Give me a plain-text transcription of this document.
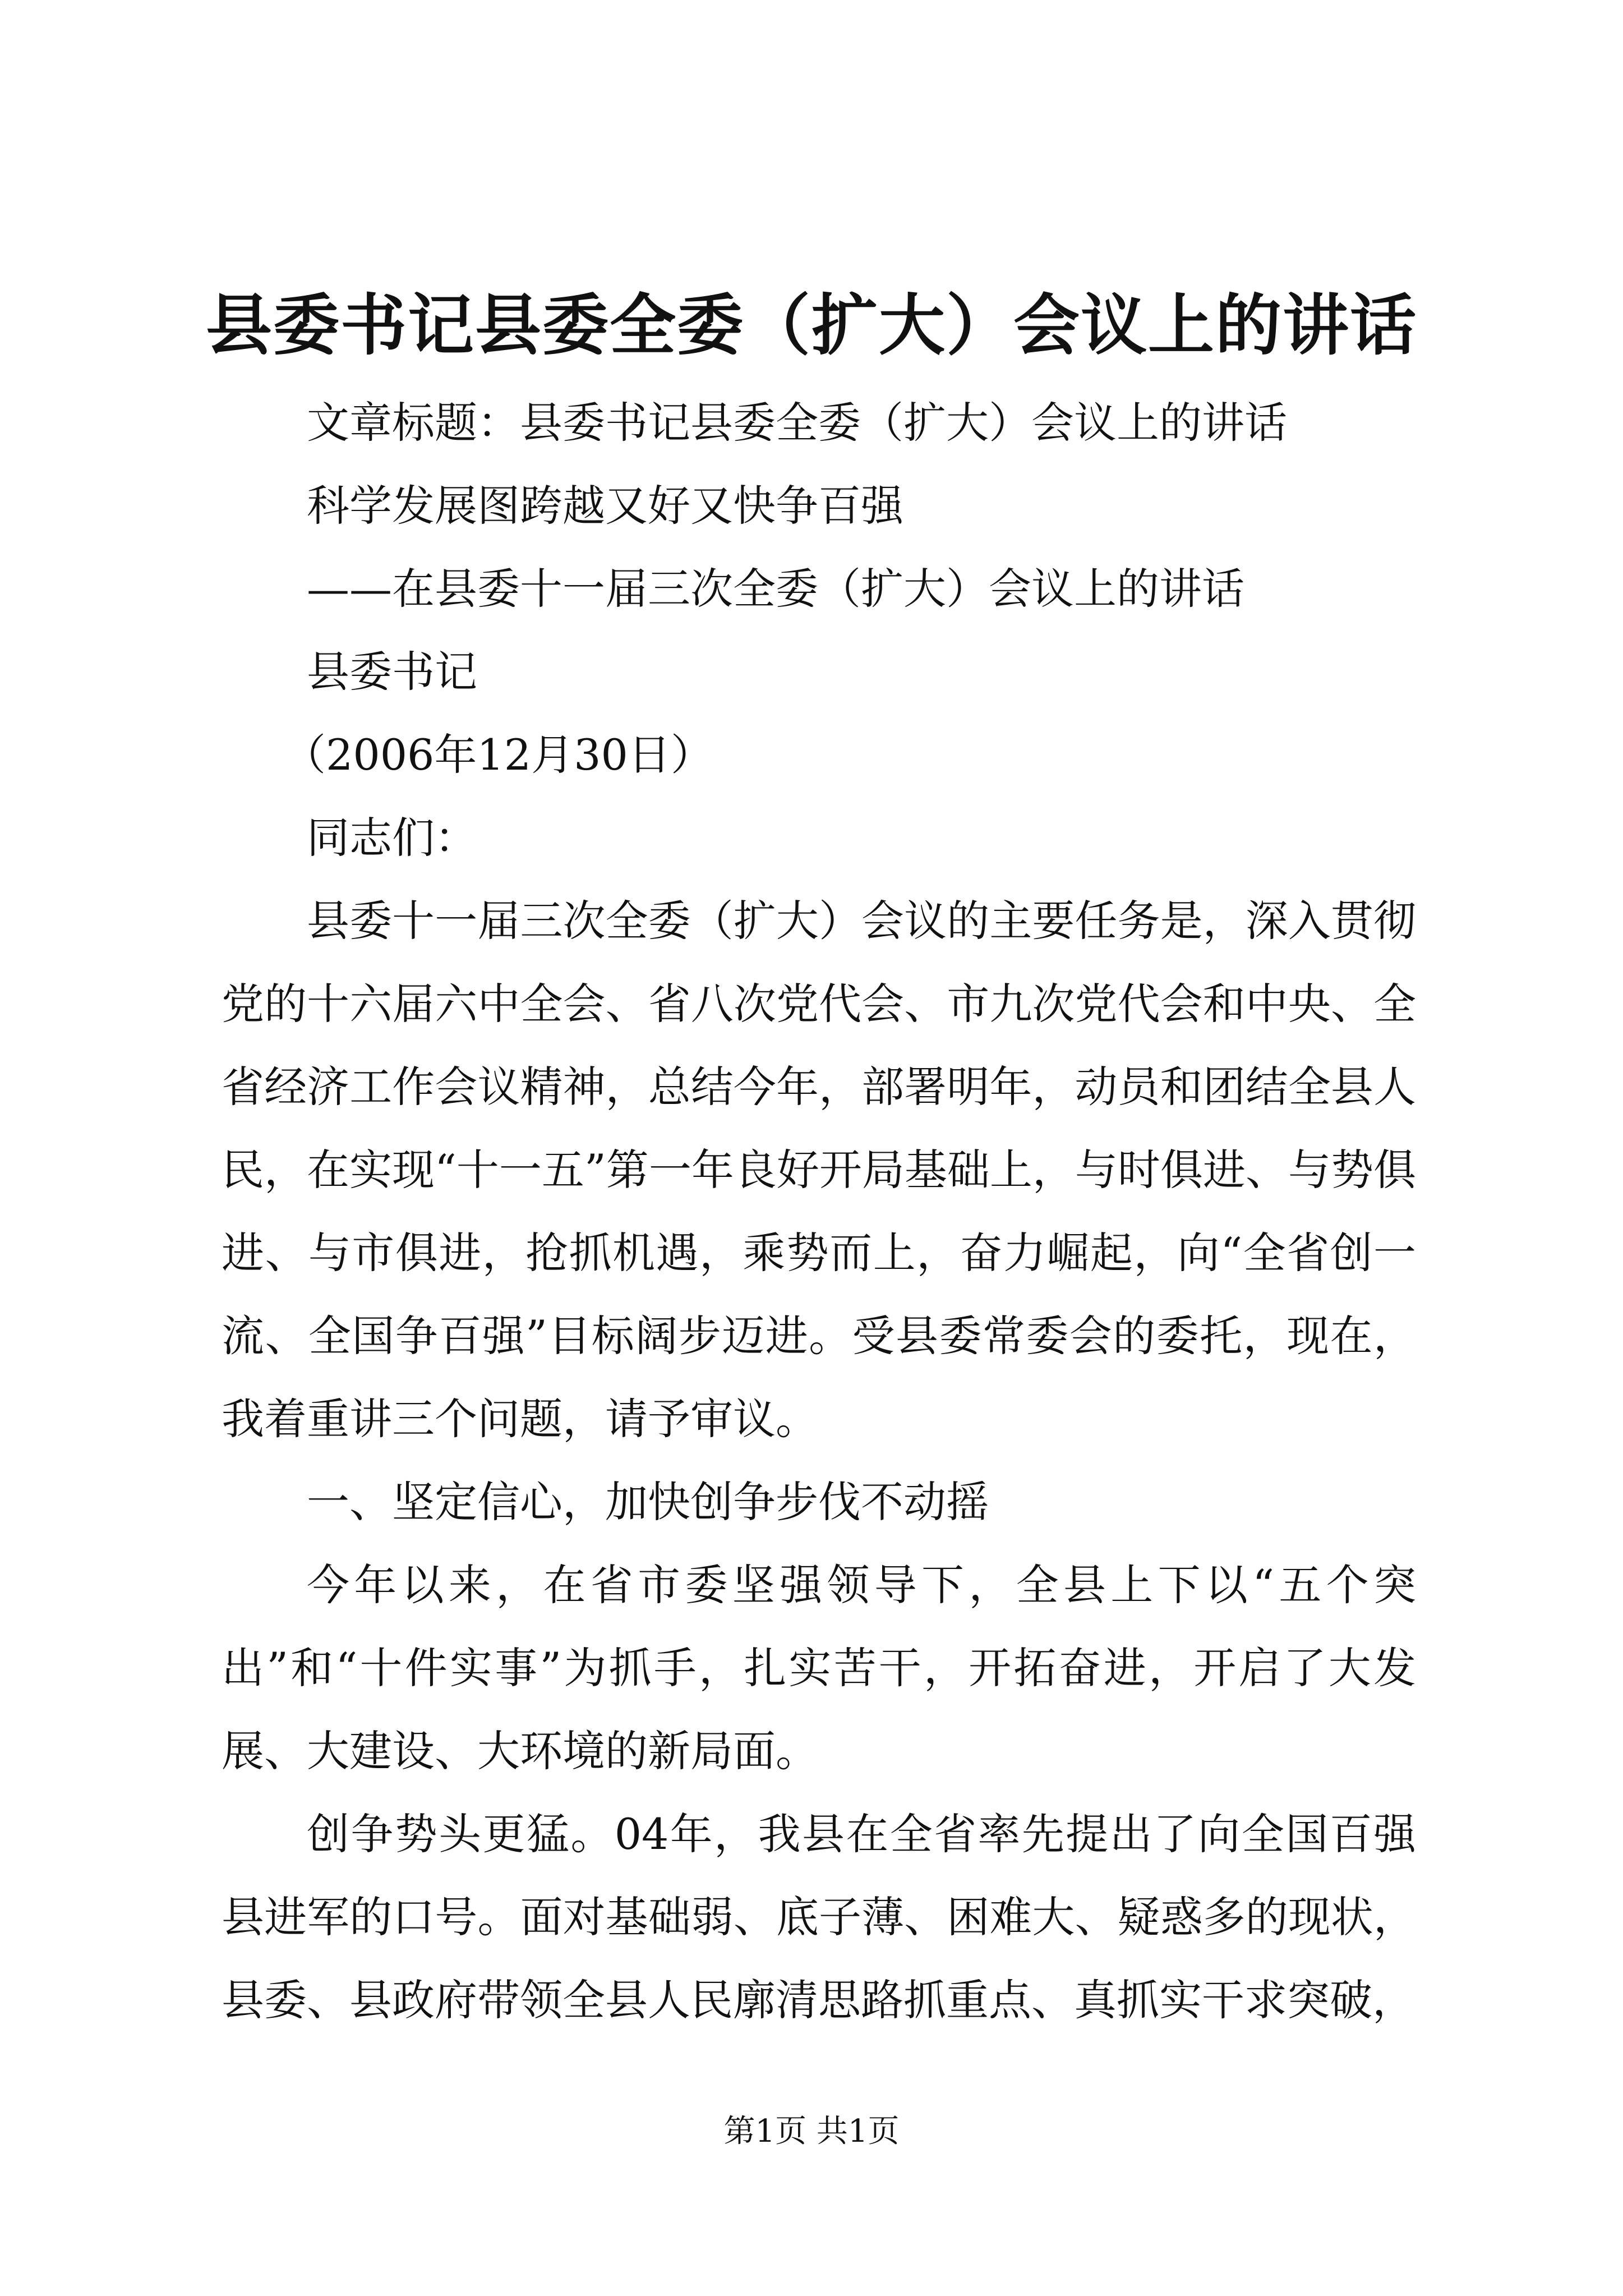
县委书记县委全委（扩大）会议上的讲话

文章标题：县委书记县委全委（扩大）会议上的讲话

科学发展图跨越又好又快争百强

——在县委十一届三次全委（扩大）会议上的讲话

县委书记

（2006年12月30日）

同志们：

县委十一届三次全委（扩大）会议的主要任务是，深入贯彻党的十六届六中全会、省八次党代会、市九次党代会和中央、全省经济工作会议精神，总结今年，部署明年，动员和团结全县人民，在实现“十一五”第一年良好开局基础上，与时俱进、与势俱进、与市俱进，抢抓机遇，乘势而上，奋力崛起，向“全省创一流、全国争百强”目标阔步迈进。受县委常委会的委托，现在，我着重讲三个问题，请予审议。

一、坚定信心，加快创争步伐不动摇

今年以来，在省市委坚强领导下，全县上下以“五个突出”和“十件实事”为抓手，扎实苦干，开拓奋进，开启了大发展、大建设、大环境的新局面。

创争势头更猛。04年，我县在全省率先提出了向全国百强县进军的口号。面对基础弱、底子薄、困难大、疑惑多的现状，县委、县政府带领全县人民廓清思路抓重点、真抓实干求突破，

第1页 共1页
